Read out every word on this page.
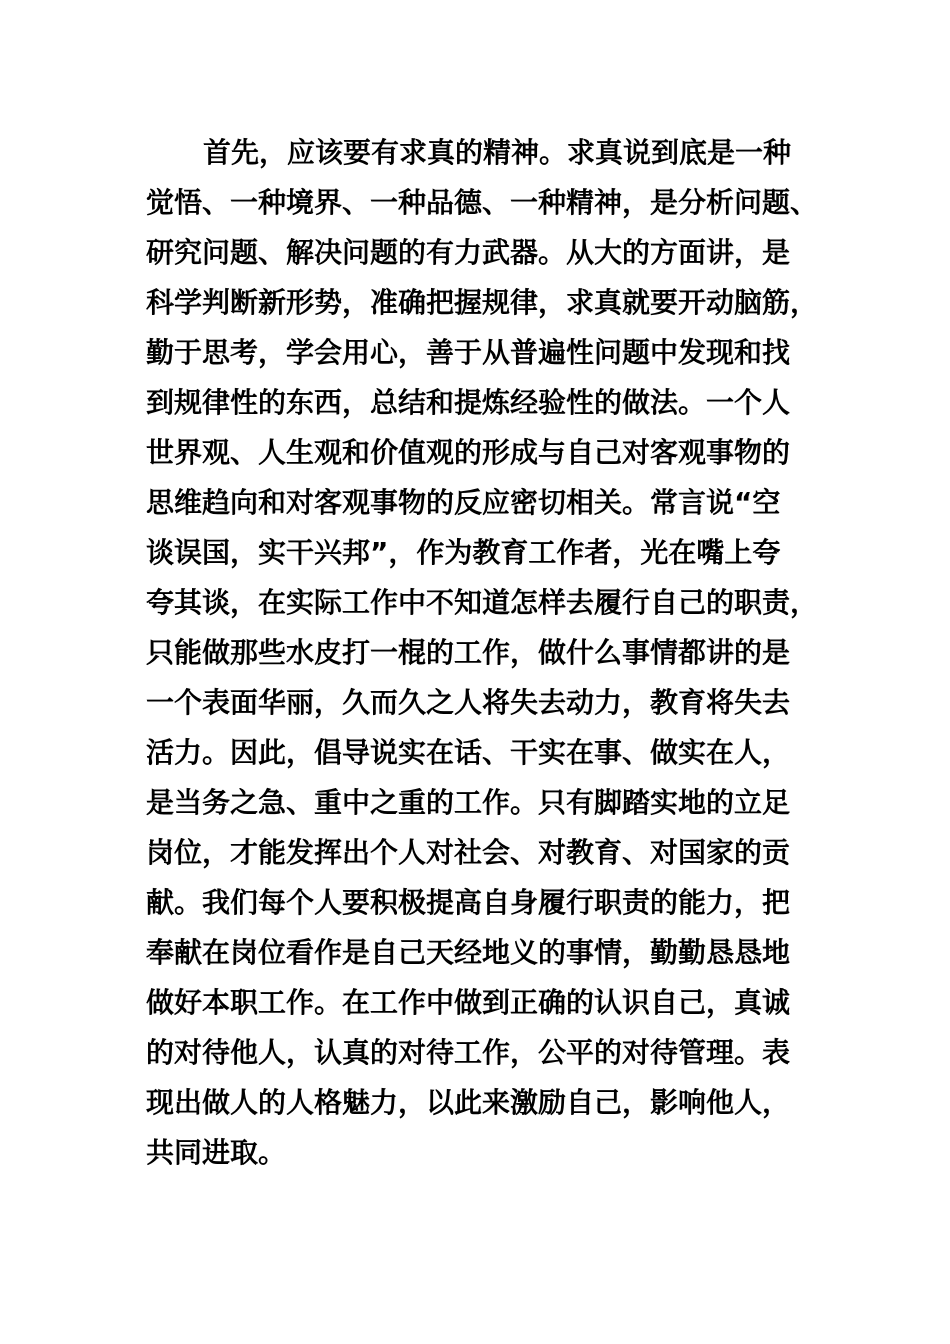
首先，应该要有求真的精神。求真说到底是一种
觉悟、一种境界、一种品德、一种精神，是分析问题、
研究问题、解决问题的有力武器。从大的方面讲，是
科学判断新形势，准确把握规律，求真就要开动脑筋，
勤于思考，学会用心，善于从普遍性问题中发现和找
到规律性的东西，总结和提炼经验性的做法。一个人
世界观、人生观和价值观的形成与自己对客观事物的
思维趋向和对客观事物的反应密切相关。常言说“空
谈误国，实干兴邦”，作为教育工作者，光在嘴上夸
夸其谈，在实际工作中不知道怎样去履行自己的职责，
只能做那些水皮打一棍的工作，做什么事情都讲的是
一个表面华丽，久而久之人将失去动力，教育将失去
活力。因此，倡导说实在话、干实在事、做实在人，
是当务之急、重中之重的工作。只有脚踏实地的立足
岗位，才能发挥出个人对社会、对教育、对国家的贡
献。我们每个人要积极提高自身履行职责的能力，把
奉献在岗位看作是自己天经地义的事情，勤勤恳恳地
做好本职工作。在工作中做到正确的认识自己，真诚
的对待他人，认真的对待工作，公平的对待管理。表
现出做人的人格魅力，以此来激励自己，影响他人，
共同进取。
